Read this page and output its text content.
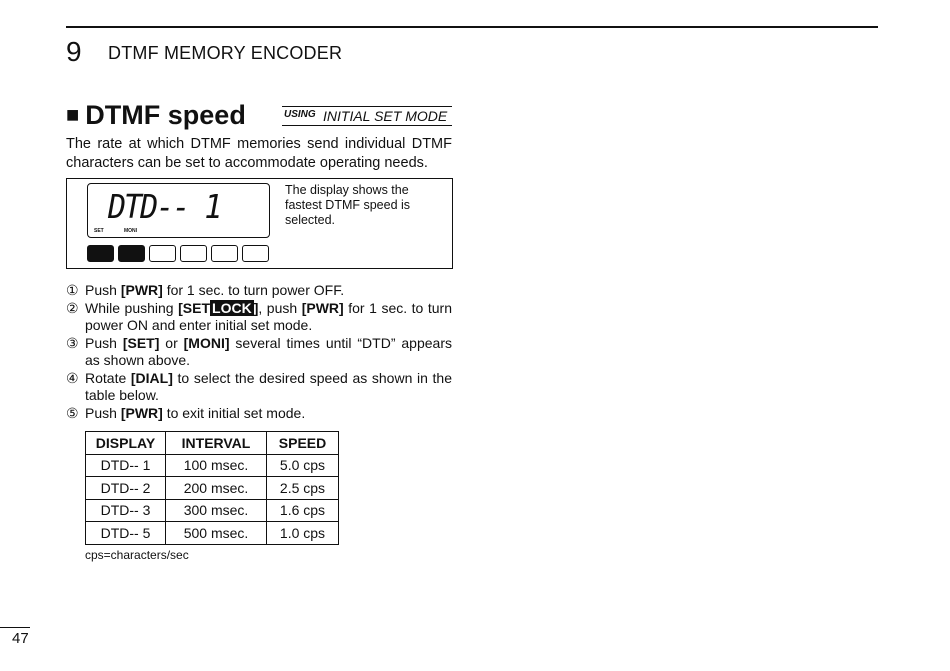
9 DTMF MEMORY ENCODER
■ DTMF speed	USING INITIAL SET MODE
The rate at which DTMF memories send individual DTMF characters can be set to accommodate operating needs.
DTD-- 1
SET	MONI
The display shows the fastest DTMF speed is selected.
① Push [PWR] for 1 sec. to turn power OFF.
② While pushing [SET LOCK ], push [PWR] for 1 sec. to turn power ON and enter initial set mode.
③ Push [SET] or [MONI] several times until “DTD” appears as shown above.
④ Rotate [DIAL] to select the desired speed as shown in the table below.
⑤ Push [PWR] to exit initial set mode.
DISPLAY	INTERVAL	SPEED
DTD-- 1	100 msec.	5.0 cps
DTD-- 2	200 msec.	2.5 cps
DTD-- 3	300 msec.	1.6 cps
DTD-- 5	500 msec.	1.0 cps
cps=characters/sec
47
